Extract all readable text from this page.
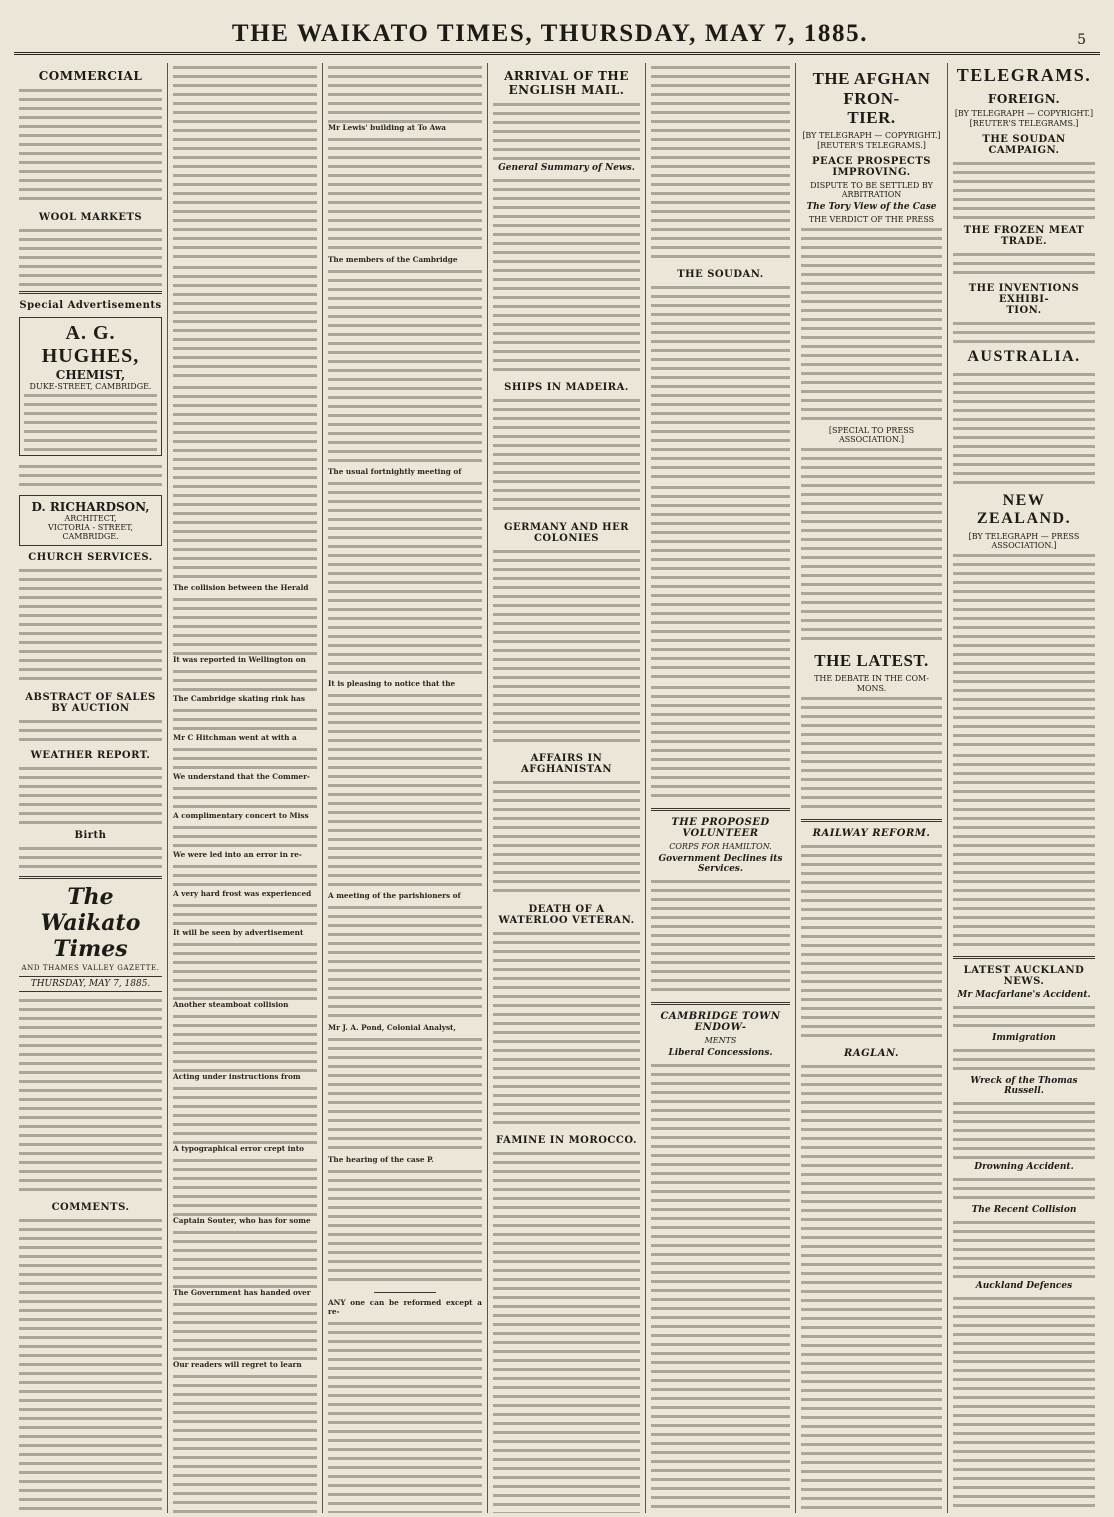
THE WAIKATO TIMES, THURSDAY, MAY 7, 1885.	5
COMMERCIAL
WOOL MARKETS
Special Advertisements
A. G. HUGHES,
CHEMIST,
DUKE-STREET, CAMBRIDGE.
D. RICHARDSON,
ARCHITECT,
VICTORIA - STREET, CAMBRIDGE.
CHURCH SERVICES.
ABSTRACT OF SALES BY AUCTION
WEATHER REPORT.
Birth
The Waikato Times
AND THAMES VALLEY GAZETTE.
THURSDAY, MAY 7, 1885.
COMMENTS.

The collision between the Herald

It was reported in Wellington on

The Cambridge skating rink has

Mr C Hitchman went at with a

We understand that the Commer-

A complimentary concert to Miss

We were led into an error in re-

A very hard frost was experienced

It will be seen by advertisement

Another steamboat collision

Acting under instructions from

A typographical error crept into

Captain Souter, who has for some

The Government has handed over

Our readers will regret to learn

Mr Lewis' building at To Awa

The members of the Cambridge

The usual fortnightly meeting of

It is pleasing to notice that the

A meeting of the parishioners of

Mr J. A. Pond, Colonial Analyst,

The hearing of the case P.

ANY one can be reformed except a re-

ARRIVAL OF THE ENGLISH MAIL.
General Summary of News.
SHIPS IN MADEIRA.
GERMANY AND HER COLONIES
AFFAIRS IN AFGHANISTAN
DEATH OF A WATERLOO VETERAN.
FAMINE IN MOROCCO.
THE SOUDAN.
THE PROPOSED VOLUNTEER
CORPS FOR HAMILTON.
Government Declines its Services.
CAMBRIDGE TOWN ENDOW-
MENTS
Liberal Concessions.
THE AFGHAN FRON-
TIER.
[BY TELEGRAPH — COPYRIGHT.]
[REUTER'S TELEGRAMS.]
PEACE PROSPECTS IMPROVING.
DISPUTE TO BE SETTLED BY ARBITRATION
The Tory View of the Case
THE VERDICT OF THE PRESS
[SPECIAL TO PRESS ASSOCIATION.]
THE LATEST.
THE DEBATE IN THE COM-
MONS.
RAILWAY REFORM.
RAGLAN.
TELEGRAMS.
FOREIGN.
[BY TELEGRAPH — COPYRIGHT.]
[REUTER'S TELEGRAMS.]
THE SOUDAN CAMPAIGN.
THE FROZEN MEAT TRADE.
THE INVENTIONS EXHIBI-
TION.
AUSTRALIA.
NEW ZEALAND.
[BY TELEGRAPH — PRESS ASSOCIATION.]
LATEST AUCKLAND NEWS.
Mr Macfarlane's Accident.
Immigration
Wreck of the Thomas Russell.
Drowning Accident.
The Recent Collision
Auckland Defences
